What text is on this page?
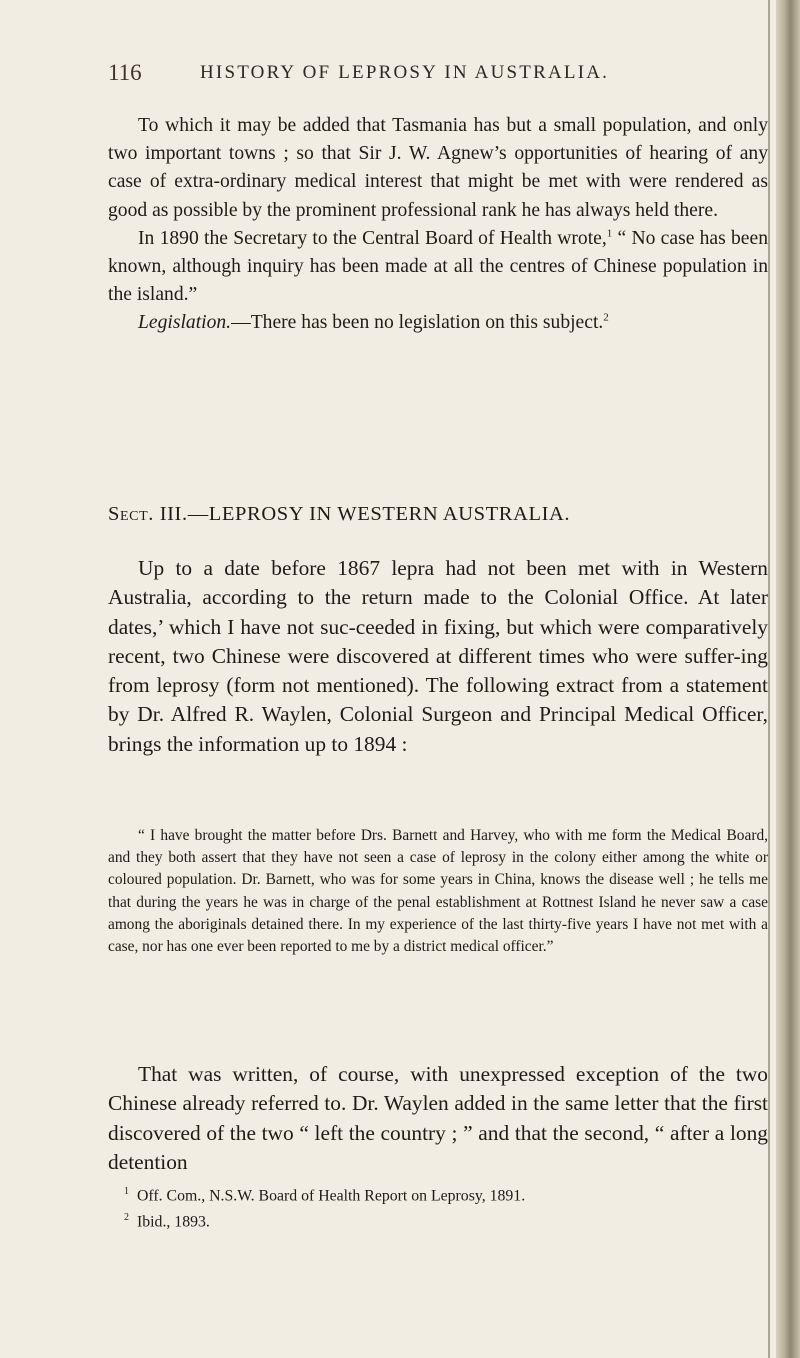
116	HISTORY OF LEPROSY IN AUSTRALIA.

To which it may be added that Tasmania has but a small population, and only two important towns ; so that Sir J. W. Agnew’s opportunities of hearing of any case of extra-ordinary medical interest that might be met with were rendered as good as possible by the prominent professional rank he has always held there.

In 1890 the Secretary to the Central Board of Health wrote,$^1$ “ No case has been known, although inquiry has been made at all the centres of Chinese population in the island.”

Legislation.—There has been no legislation on this subject.$^2$

Sect. III.—LEPROSY IN WESTERN AUSTRALIA.

Up to a date before 1867 lepra had not been met with in Western Australia, according to the return made to the Colonial Office. At later dates,’ which I have not suc-ceeded in fixing, but which were comparatively recent, two Chinese were discovered at different times who were suffer-ing from leprosy (form not mentioned). The following extract from a statement by Dr. Alfred R. Waylen, Colonial Surgeon and Principal Medical Officer, brings the information up to 1894 :

“ I have brought the matter before Drs. Barnett and Harvey, who with me form the Medical Board, and they both assert that they have not seen a case of leprosy in the colony either among the white or coloured population. Dr. Barnett, who was for some years in China, knows the disease well ; he tells me that during the years he was in charge of the penal establishment at Rottnest Island he never saw a case among the aboriginals detained there. In my experience of the last thirty-five years I have not met with a case, nor has one ever been reported to me by a district medical officer.”

That was written, of course, with unexpressed exception of the two Chinese already referred to. Dr. Waylen added in the same letter that the first discovered of the two “ left the country ; ” and that the second, “ after a long detention

$^1$ Off. Com., N.S.W. Board of Health Report on Leprosy, 1891.
$^2$ Ibid., 1893.
